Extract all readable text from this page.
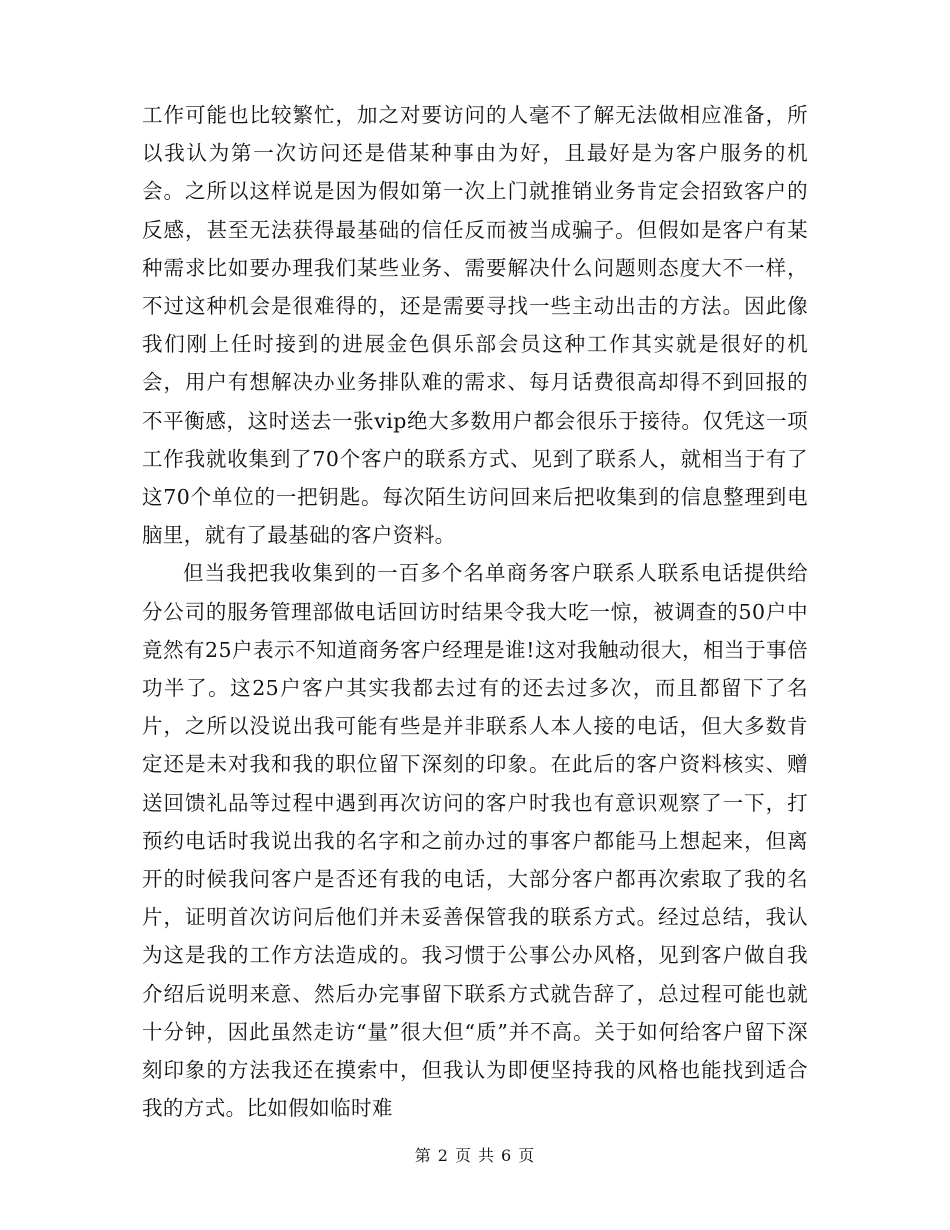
工作可能也比较繁忙，加之对要访问的人毫不了解无法做相应准备，所以我认为第一次访问还是借某种事由为好，且最好是为客户服务的机会。之所以这样说是因为假如第一次上门就推销业务肯定会招致客户的反感，甚至无法获得最基础的信任反而被当成骗子。但假如是客户有某种需求比如要办理我们某些业务、需要解决什么问题则态度大不一样，不过这种机会是很难得的，还是需要寻找一些主动出击的方法。因此像我们刚上任时接到的进展金色俱乐部会员这种工作其实就是很好的机会，用户有想解决办业务排队难的需求、每月话费很高却得不到回报的不平衡感，这时送去一张vip绝大多数用户都会很乐于接待。仅凭这一项工作我就收集到了70个客户的联系方式、见到了联系人，就相当于有了这70个单位的一把钥匙。每次陌生访问回来后把收集到的信息整理到电脑里，就有了最基础的客户资料。

但当我把我收集到的一百多个名单商务客户联系人联系电话提供给分公司的服务管理部做电话回访时结果令我大吃一惊，被调查的50户中竟然有25户表示不知道商务客户经理是谁!这对我触动很大，相当于事倍功半了。这25户客户其实我都去过有的还去过多次，而且都留下了名片，之所以没说出我可能有些是并非联系人本人接的电话，但大多数肯定还是未对我和我的职位留下深刻的印象。在此后的客户资料核实、赠送回馈礼品等过程中遇到再次访问的客户时我也有意识观察了一下，打预约电话时我说出我的名字和之前办过的事客户都能马上想起来，但离开的时候我问客户是否还有我的电话，大部分客户都再次索取了我的名片，证明首次访问后他们并未妥善保管我的联系方式。经过总结，我认为这是我的工作方法造成的。我习惯于公事公办风格，见到客户做自我介绍后说明来意、然后办完事留下联系方式就告辞了，总过程可能也就十分钟，因此虽然走访“量”很大但“质”并不高。关于如何给客户留下深刻印象的方法我还在摸索中，但我认为即便坚持我的风格也能找到适合我的方式。比如假如临时难

第 2 页 共 6 页
